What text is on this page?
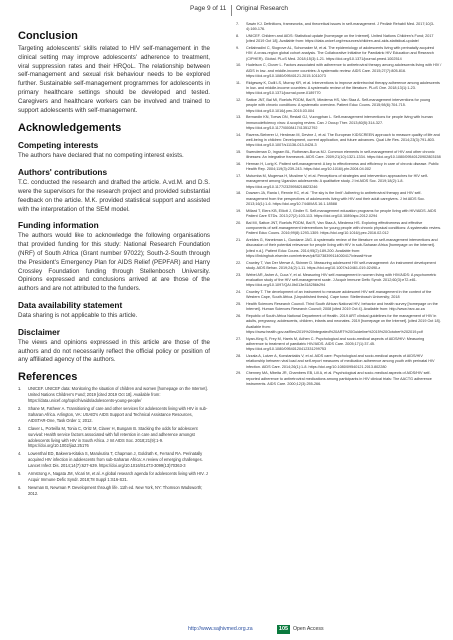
Page 9 of 11 Original Research
Conclusion

Targeting adolescents' skills related to HIV self-management in the clinical setting may improve adolescents' adherence to treatment, viral suppression rates and their HRQoL. The relationship between self-management and sexual risk behaviour needs to be explored further. Sustainable self-management programmes for adolescents in primary healthcare settings should be developed and tested. Caregivers and healthcare workers can be involved and trained to support adolescents with self-management.

Acknowledgements
Competing interests

The authors have declared that no competing interest exists.

Authors' contributions

T.C. conducted the research and drafted the article. A.vd.M. and D.S. were the supervisors for the research project and provided substantial feedback on the article. M.K. provided statistical support and assisted with the interpretation of the SEM model.

Funding information

The authors would like to acknowledge the following organisations that provided funding for this study: National Research Foundation (NRF) of South Africa (Grant number 97022); South-2-South through the President's Emergency Plan for AIDS Relief (PEPFAR) and Harry Crossley Foundation funding through Stellenbosch University. Opinions expressed and conclusions arrived at are those of the authors and are not attributed to the funders.

Data availability statement

Data sharing is not applicable to this article.

Disclaimer

The views and opinions expressed in this article are those of the authors and do not necessarily reflect the official policy or position of any affiliated agency of the authors.

References
1.	UNICEF. UNICEF data: Monitoring the situation of children and women [homepage on the Internet]. United Nations Children's Fund; 2019 [cited 2019 Oct 18]. Available from: https://data.unicef.org/topic/hivaids/adolescents-young-people/
2.	Shane M, Fatheer A. Transitioning of care and other services for adolescents living with HIV in sub-Saharan Africa. Arlington, VA: USAID's AIDS Support and Technical Assistance Resources, AIDSTAR-One, Task Order 1; 2012.
3.	Claver L, Porteilla M, Tonia C, Oritz M, Claver H, Bungam B. Stacking the odds for adolescent survival: Health service factors associated with full retention in care and adherence amongst adolescents living with HIV in South Africa. J Int AIDS Soc. 2018;21(9):1-9. https://doi.org/10.1002/jia2.25176
4.	Lowenthal ED, Bakeera-Kitaka S, Marukutira T, Chapman J, Goldrath K, Ferrand RA. Perinatally acquired HIV infection in adolescents from sub-Saharan Africa: A review of emerging challenges. Lancet Infect Dis. 2014;14(7):627-639. https://doi.org/10.1016/S1473-3099(13)70363-3
5.	Armstrong A, Nagata JM, Vicari M, et al. A global research agenda for adolescents living with HIV. J Acquir Immune Defic Syndr. 2018;78 Suppl 1:S16-S21.
6.	Newman B, Newman P. Development through life. 11th ed. New York, NY: Thomson Wadsworth; 2012.
7.	Sawin KJ. Definitions, frameworks, and theoretical issues in self-management. J Pediatr Rehabil Med. 2017;10(3-4):169-176.
8.	UNICEF. Children and AIDS: Statistical update [homepage on the Internet]. United Nations Children's Fund; 2017 [cited 2019 Oct 18]. Available from: https://data.unicef.org/resources/children-and-aids-statistical-update/
9.	Cellabradini C, Slogrove AL, Schomaker M, et al. The epidemiology of adolescents living with perinatally acquired HIV: A cross-region global cohort analysis. The Collaborative Initiative for Paediatric HIV Education and Research (CIPHER). Global. PLoS Med. 2018;15(3):1-21. https://doi.org/10.1371/journal.pmed.1002514
10.	Hudelson C, Cluver L. Factors associated with adherence to antiretroviral therapy among adolescents living with HIV / AIDS in low- and middle-income countries: A systematic review. AIDS Care. 2015;27(7):805-816. https://doi.org/10.1080/09540121.2015.1011073
11.	Ridgeway K, Dulli LS, Murray KR, et al. Interventions to improve antiretroviral therapy adherence among adolescents in low- and middle-income countries: A systematic review of the literature. PLoS One. 2018;13(1):1-23. https://doi.org/10.1371/journal.pone.0189770
12.	Sattoe JNT, Bal MI, Roelofs PDDM, Bal R, Miedema HS, Van Staa A. Self-management interventions for young people with chronic conditions: A systematic overview. Patient Educ Couns. 2015;98(6):704-715. https://doi.org/10.1016/j.pec.2015.03.004
13.	Bernardin KN, Toews DN, Restall GJ, Vuongphan L. Self-management interventions for people living with human immunodeficiency virus: A scoping review. Can J Occup Ther. 2013;80(5):314-327. https://doi.org/10.1177/0008417413512792
14.	Ravens-Sieberer U, Herdman M, Devine J, et al. The European KIDSCREEN approach to measure quality of life and well-being in children: Development, current application, and future advances. Qual Life Res. 2014;23(3):791-803. https://doi.org/10.1007/s11136-013-0428-3
15.	Swendeman D, Ingram BL, Rotheram-Borus MJ. Common elements in self-management of HIV and other chronic illnesses: An integrative framework. AIDS Care. 2009;21(10):1321-1334. https://doi.org/10.1080/09540120902803158
16.	Herman H, Lorig K. Patient self-management: A key to effectiveness and efficiency in care of chronic disease. Public Health Rep. 2004;119(3):239-243. https://doi.org/10.1016/j.phr.2004.04.002
17.	Mutumba M, Mugerwa H, Musiime V, et al. Perceptions of strategies and intervention approaches for HIV self-management among Ugandan adolescents: A qualitative study. J Int AIDS Soc. 2019;18(2):1-8. https://doi.org/10.1177/2325958218823246
18.	Dowsen JA, Rania I, Rennie KC, et al. 'The sky is the limit': Adhering to antiretroviral therapy and HIV self-management from the perspectives of adolescents living with HIV and their adult caregivers. J Int AIDS Soc. 2013;16(1):1-6. https://doi.org/10.7448/IAS.16.1.18588
19.	Millard T, Eiers KB, Elliott J, Girdler S. Self-management education programs for people living with HIV/AIDS. AIDS Patient Care STDs. 2013;27(2):103-113. https://doi.org/10.1089/apc.2012.0294
20.	Bal MI, Sattoe JNT, Roelofs PDDM, Bal R, Van Staa A, Miedema HS. Exploring effectiveness and effective components of self-management interventions for young people with chronic physical conditions: A systematic review. Patient Educ Couns. 2016;99(8):1293-1309. https://doi.org/10.1016/j.pec.2016.02.012
21.	Areldes G, Hanekman L, Gundane JAG. A systematic review of the literature on self-management interventions and discussion of their potential relevance for people living with HIV in sub-Saharan Africa [homepage on the Internet]. [cited n.d.]. Patient Educ Couns. 2014;95(2):189-200. Available from: https://linkinghub.elsevier.com/retrieve/pii/S0738399114000417/viewall+true
22.	Crowley T, Van Der Merwe A, Skinner D. Measuring adolescent HIV self-management: An instrument development study. AIDS Behav. 2019;24(2):1-11. https://doi.org/10.1007/s10461-019-02490-z
23.	Webel AR, Asher A, Cuca Y, et al. Measuring HIV self-management in women living with HIV/AIDS: A psychometric evaluation study of the HIV self-management scale. J Acquir Immune Defic Syndr. 2012;60(3):e72-e81. https://doi.org/10.1097/QAI.0b013e318256b294
24.	Crowley T. The development of an instrument to measure adolescent HIV self-management in the context of the Western Cape, South Africa. [Unpublished thesis]. Cape town: Stellenbosch University; 2018
25.	Health Sciences Research Council. Third South African National HIV, behavior and health survey [homepage on the Internet]. Human Sciences Research Council; 2008 [cited 2019 Oct 4]. Available from: http://www.hsrc.ac.za
26.	Republic of South Africa National Department of Health. 2019 ART clinical guidelines for the management of HIV in adults, pregnancy, adolescents, children, infants and neonates. 2019 [homepage on the Internet]. [cited 2019 Oct 18]. Available from: https://www.health.gov.za/files/2019%20Integrated%20ART%20Guideline%2015%20October%202019.pdf
27.	Nyan-King S, Frey M, Harris M, Adhen C. Psychological and socio-medical aspects of AIDS/HIV: Measuring adherence to treatment of paediatric HIV/AIDS. AIDS Care. 2005;17(1):37-45. https://doi.org/10.1080/09540120412331299753
28.	Uzzala A, Lutzer A, Konstantakis V, et al. AIDS care: Psychological and socio-medical aspects of AIDS/HIV relationship between viral load and self-report measures of medication adherence among youth with perinatal HIV infection. AIDS Care. 2014;26(1):1-8. https://doi.org/10.1080/09540121.2013.802280
29.	Chenney MA, Mbeita JR, Chambers EB, Lill A, et al. Psychological and socio-medical aspects of AIDS/HIV self-reported adherence to antiretroviral medications among participants in HIV clinical trials: The AACTG adherence instruments. AIDS Care. 2000;12(3):255-266.
http://www.sajhivmed.org.za	105 Open Access
